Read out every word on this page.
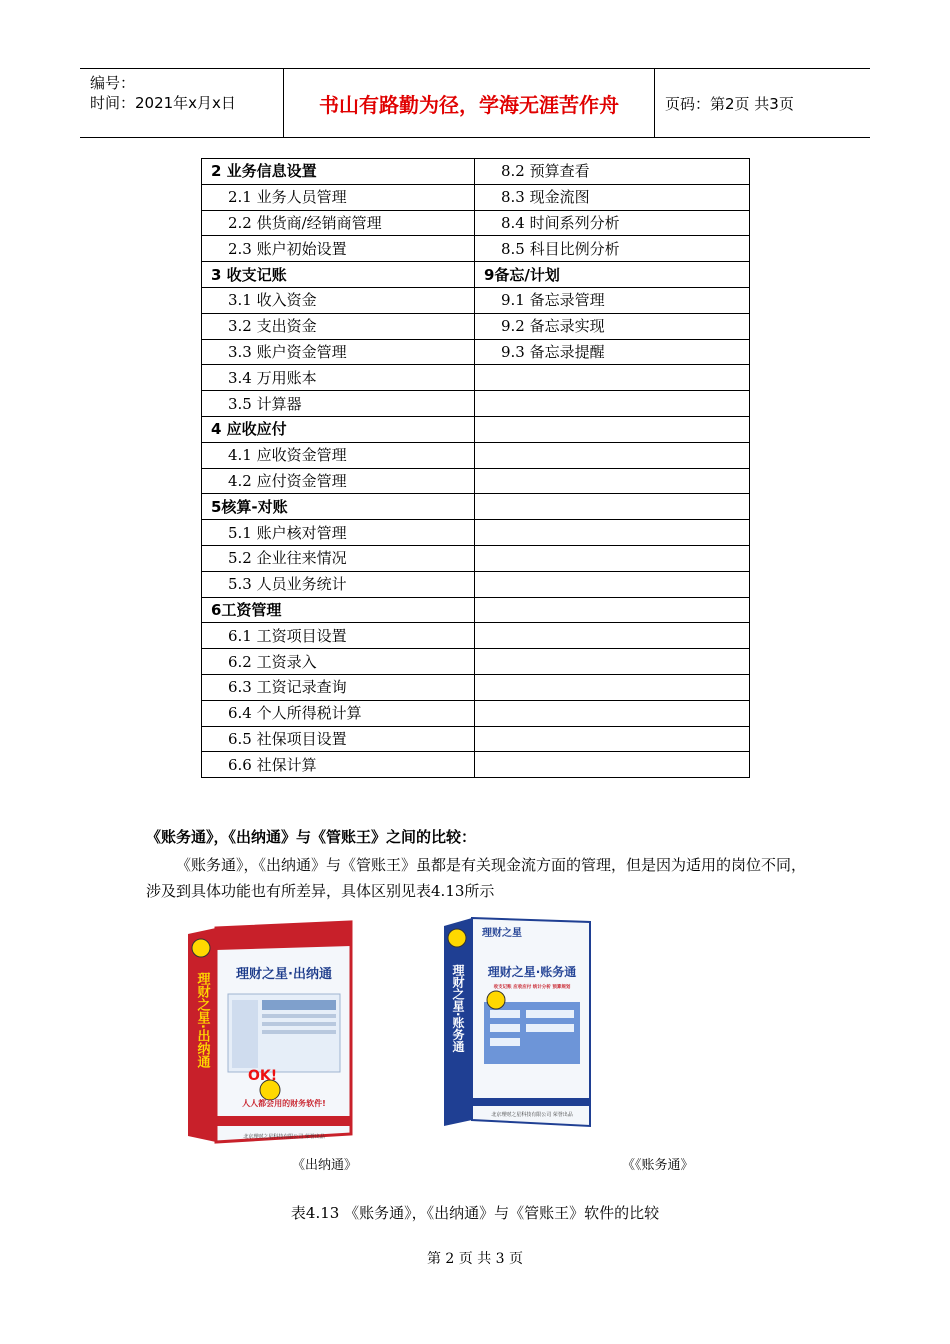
编号：
时间：2021年x月x日	书山有路勤为径，学海无涯苦作舟	页码：第2页 共3页
2 业务信息设置	8.2 预算查看
2.1 业务人员管理	8.3 现金流图
2.2 供货商/经销商管理	8.4 时间系列分析
2.3 账户初始设置	8.5 科目比例分析
3 收支记账	9备忘/计划
3.1 收入资金	9.1 备忘录管理
3.2 支出资金	9.2 备忘录实现
3.3 账户资金管理	9.3 备忘录提醒
3.4 万用账本	
3.5 计算器	
4 应收应付	
4.1 应收资金管理	
4.2 应付资金管理	
5核算-对账	
5.1 账户核对管理	
5.2 企业往来情况	
5.3 人员业务统计	
6工资管理	
6.1 工资项目设置	
6.2 工资录入	
6.3 工资记录查询	
6.4 个人所得税计算	
6.5 社保项目设置	
6.6 社保计算	
《账务通》，《出纳通》与《管账王》之间的比较：
《账务通》，《出纳通》与《管账王》虽都是有关现金流方面的管理，但是因为适用的岗位不同，涉及到具体功能也有所差异，具体区别见表4.13所示
理财之星·出纳通
OK!
人人都会用的财务软件!
北京理财之星科技有限公司 荣誉出品
理财之星·出纳通
理财之星
理财之星·账务通
收支记账 应收应付 统计分析 预算规划
北京理财之星科技有限公司 荣誉出品
理财之星·账务通
《出纳通》	《《账务通》
表4.13 《账务通》，《出纳通》与《管账王》软件的比较
第 2 页 共 3 页
